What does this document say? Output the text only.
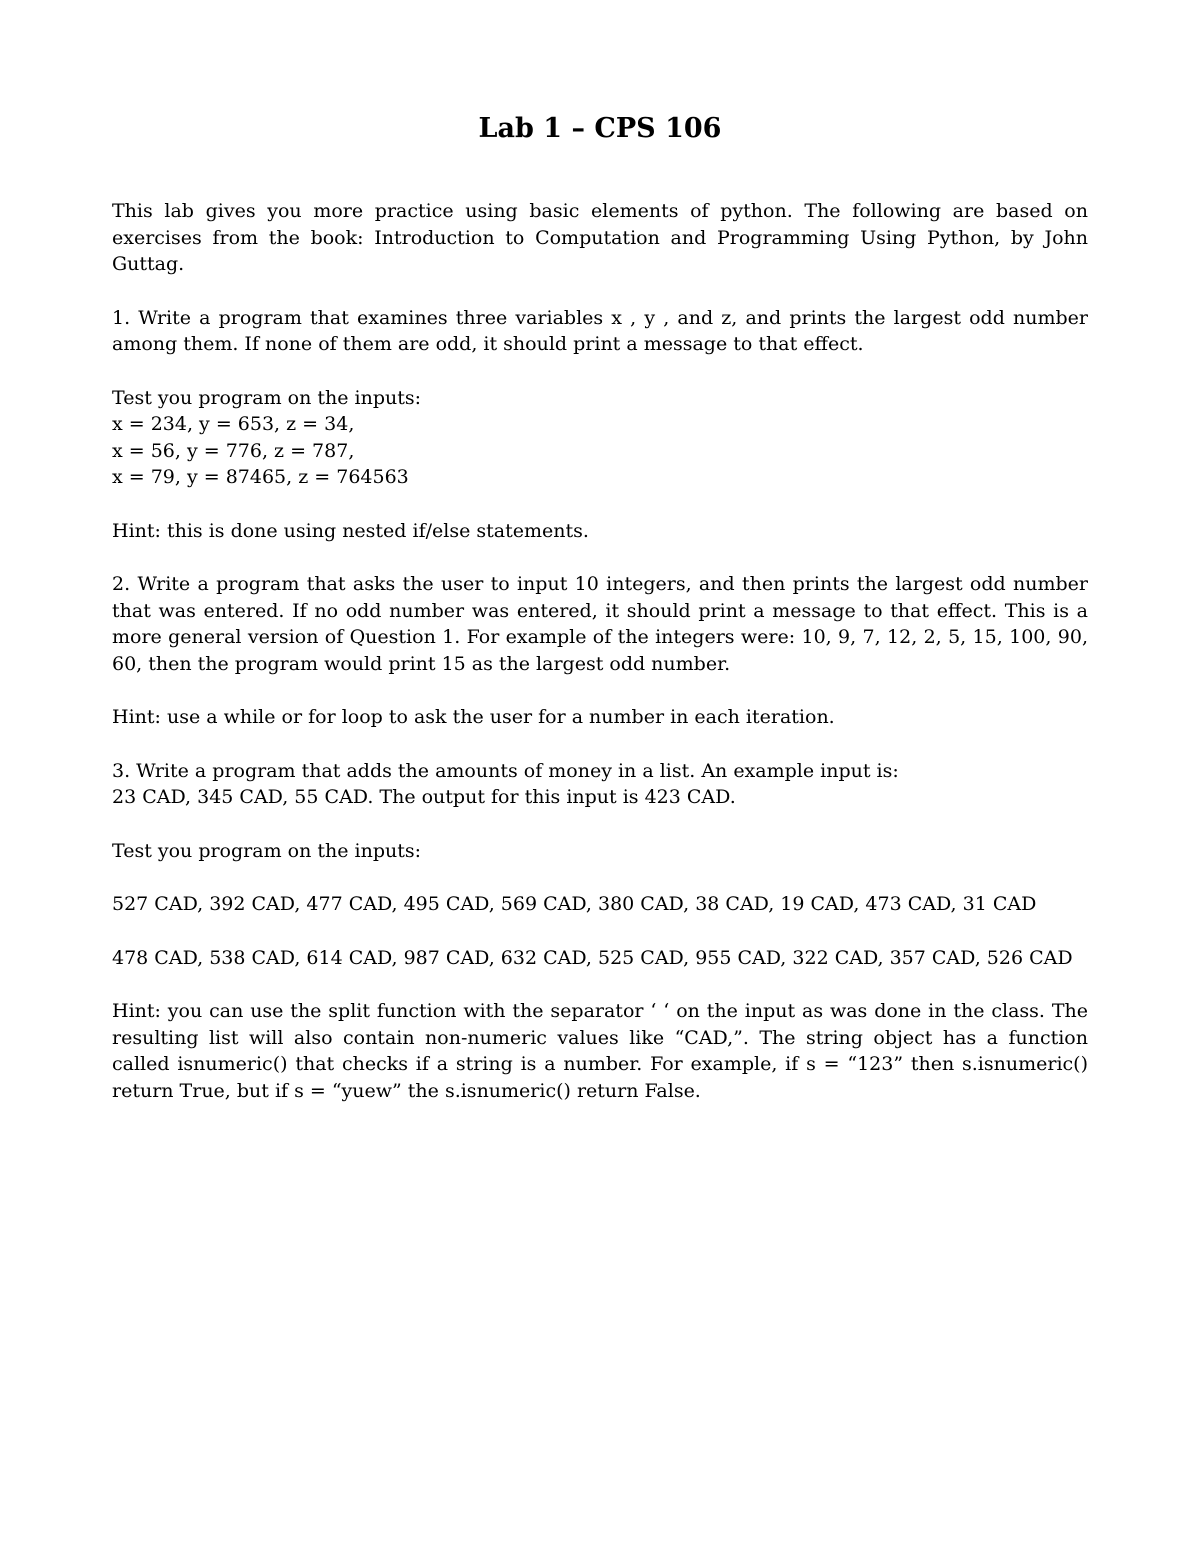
Lab 1 – CPS 106

This lab gives you more practice using basic elements of python. The following are based on exercises from the book: Introduction to Computation and Programming Using Python, by John Guttag.

1. Write a program that examines three variables x , y , and z, and prints the largest odd number among them. If none of them are odd, it should print a message to that effect.

Test you program on the inputs:
x = 234, y = 653, z = 34,
x = 56, y = 776, z = 787,
x = 79, y = 87465, z = 764563

Hint: this is done using nested if/else statements.

2. Write a program that asks the user to input 10 integers, and then prints the largest odd number that was entered. If no odd number was entered, it should print a message to that effect. This is a more general version of Question 1. For example of the integers were: 10, 9, 7, 12, 2, 5, 15, 100, 90, 60, then the program would print 15 as the largest odd number.

Hint: use a while or for loop to ask the user for a number in each iteration.

3. Write a program that adds the amounts of money in a list. An example input is:
23 CAD, 345 CAD, 55 CAD. The output for this input is 423 CAD.

Test you program on the inputs:

527 CAD, 392 CAD, 477 CAD, 495 CAD, 569 CAD, 380 CAD, 38 CAD, 19 CAD, 473 CAD, 31 CAD

478 CAD, 538 CAD, 614 CAD, 987 CAD, 632 CAD, 525 CAD, 955 CAD, 322 CAD, 357 CAD, 526 CAD

Hint: you can use the split function with the separator ‘ ‘ on the input as was done in the class. The resulting list will also contain non-numeric values like “CAD,”. The string object has a function called isnumeric() that checks if a string is a number. For example, if s = “123” then s.isnumeric() return True, but if s = “yuew” the s.isnumeric() return False.
